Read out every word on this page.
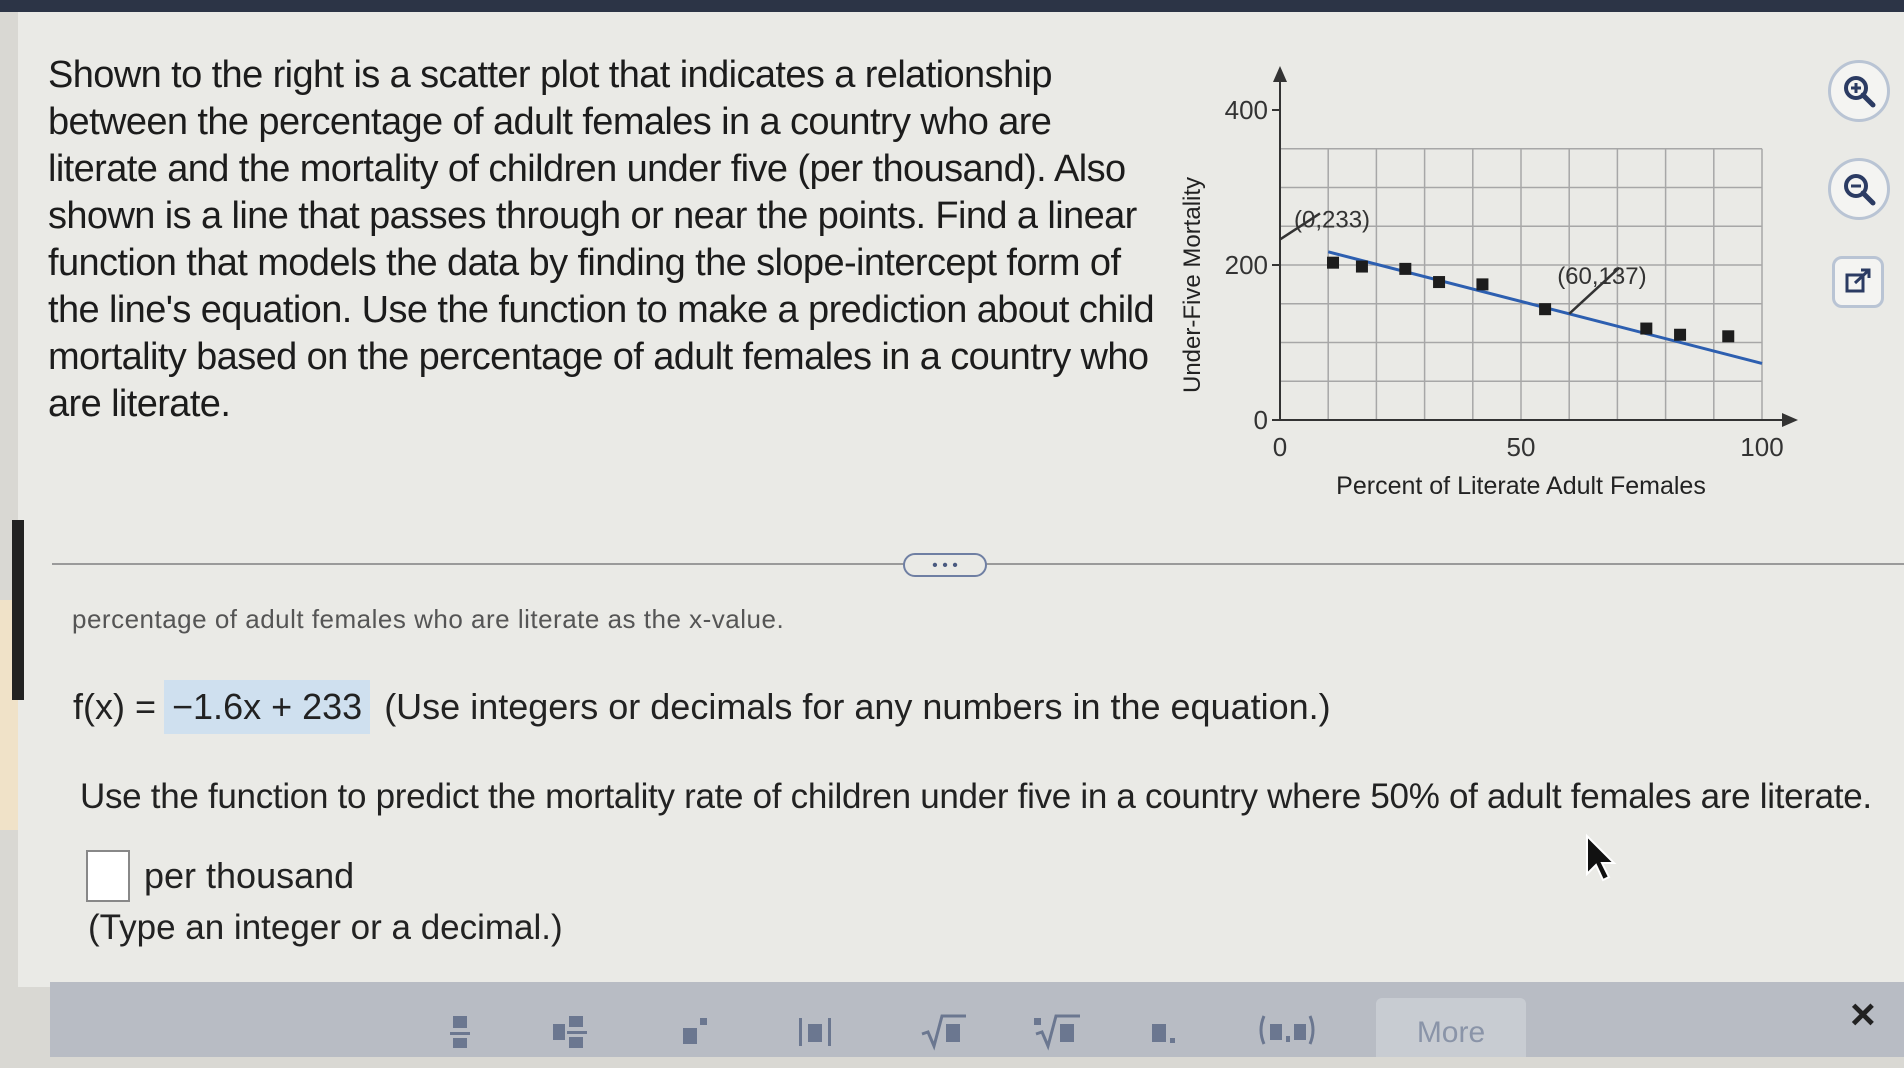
Shown to the right is a scatter plot that indicates a relationship between the percentage of adult females in a country who are literate and the mortality of children under five (per thousand). Also shown is a line that passes through or near the points. Find a linear function that models the data by finding the slope-intercept form of the line's equation. Use the function to make a prediction about child mortality based on the percentage of adult females in a country who are literate.	0
200
400
0	50	100
Percent of Literate Adult Females
Under-Five Mortality	(0,233)
(60,137)
• • •
percentage of adult females who are literate as the x-value.
f(x) = −1.6x + 233 (Use integers or decimals for any numbers in the equation.)
Use the function to predict the mortality rate of children under five in a country where 50% of adult females are literate.
per thousand
(Type an integer or a decimal.)
More	×
